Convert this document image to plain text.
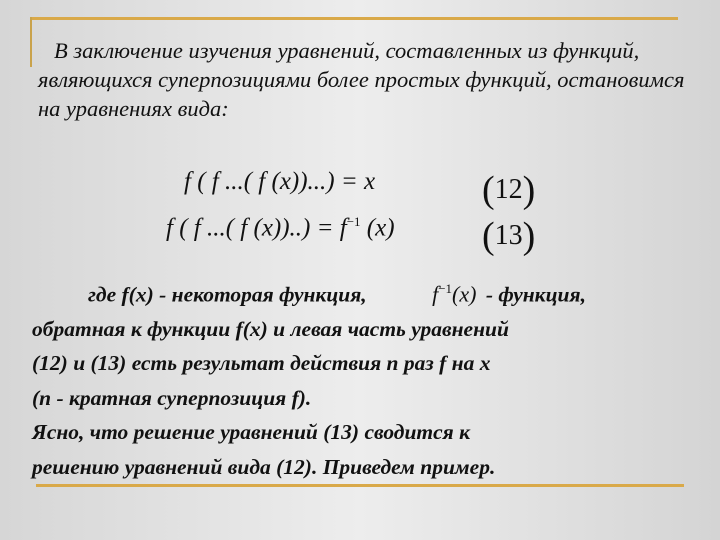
В заключение изучения уравнений, составленных из функций, являющихся суперпозициями более простых функций, остановимся на уравнениях вида:
f ( f ...( f (x))...) = x	(12)
f ( f ...( f $(x))..) = f^{-1}$ (x) (13)
где f(x) - некоторая функция,	$f^{-1}(x)$ - функция,
обратная к функции f(x) и левая часть уравнений
(12) и (13) есть результат действия n раз f на x
(n - кратная суперпозиция f).
Ясно, что решение уравнений (13) сводится к
решению уравнений вида (12). Приведем пример.
